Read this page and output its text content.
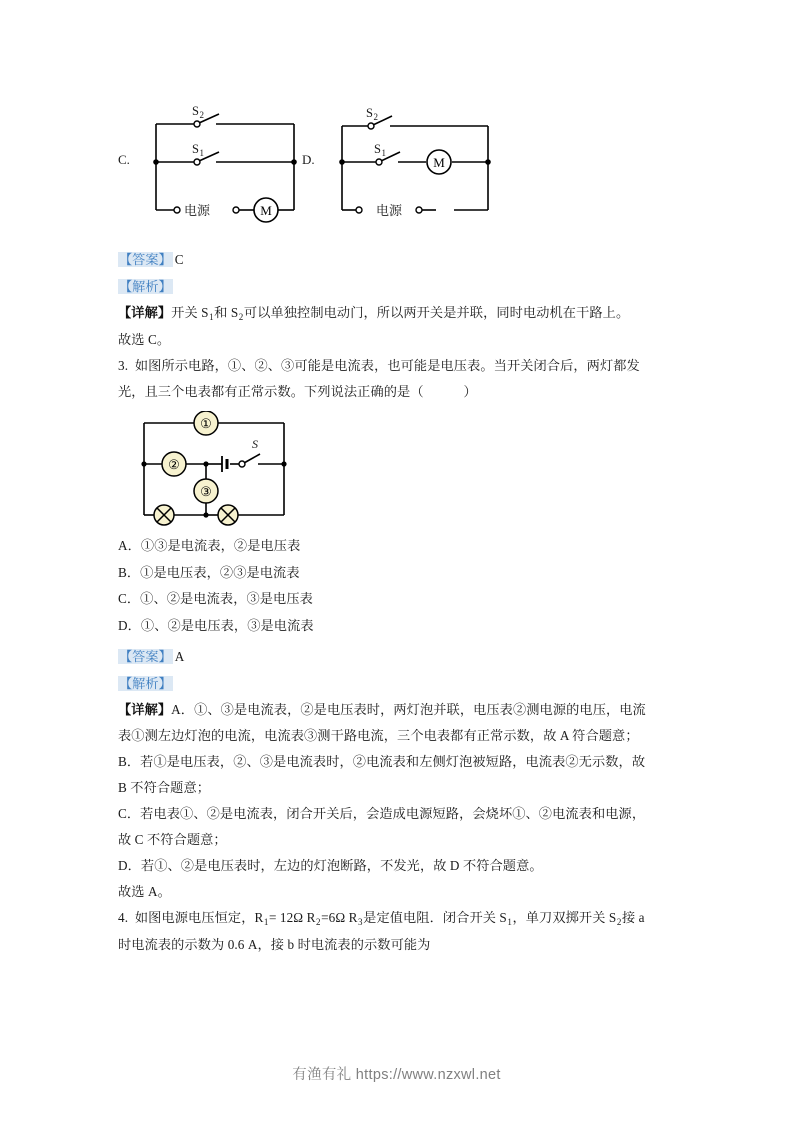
C.	D.
M
$S_2$
$S_1$
电源
M
$S_2$
$S_1$
电源

【答案】 C

【解析】

【详解】开关 $S_1$和 $S_2$可以单独控制电动门，所以两开关是并联，同时电动机在干路上。

故选 C。

3. 如图所示电路，①、②、③可能是电流表，也可能是电压表。当开关闭合后，两灯都发

光，且三个电表都有正常示数。下列说法正确的是（　　　）

①
②
③
S

A．①③是电流表，②是电压表

B．①是电压表，②③是电流表

C．①、②是电流表，③是电压表

D．①、②是电压表，③是电流表

【答案】 A

【解析】

【详解】A．①、③是电流表，②是电压表时，两灯泡并联，电压表②测电源的电压，电流

表①测左边灯泡的电流，电流表③测干路电流，三个电表都有正常示数，故 A 符合题意；

B．若①是电压表，②、③是电流表时，②电流表和左侧灯泡被短路，电流表②无示数，故

B 不符合题意；

C．若电表①、②是电流表，闭合开关后，会造成电源短路，会烧坏①、②电流表和电源，

故 C 不符合题意；

D．若①、②是电压表时，左边的灯泡断路，不发光，故 D 不符合题意。

故选 A。

4. 如图电源电压恒定，$R_1= 12\Omega$ $R_2=6\Omega$ $R_3$是定值电阻．闭合开关 $S_1$，单刀双掷开关 $S_2$接 a

时电流表的示数为 0.6 A，接 b 时电流表的示数可能为

有渔有礼 https://www.nzxwl.net
